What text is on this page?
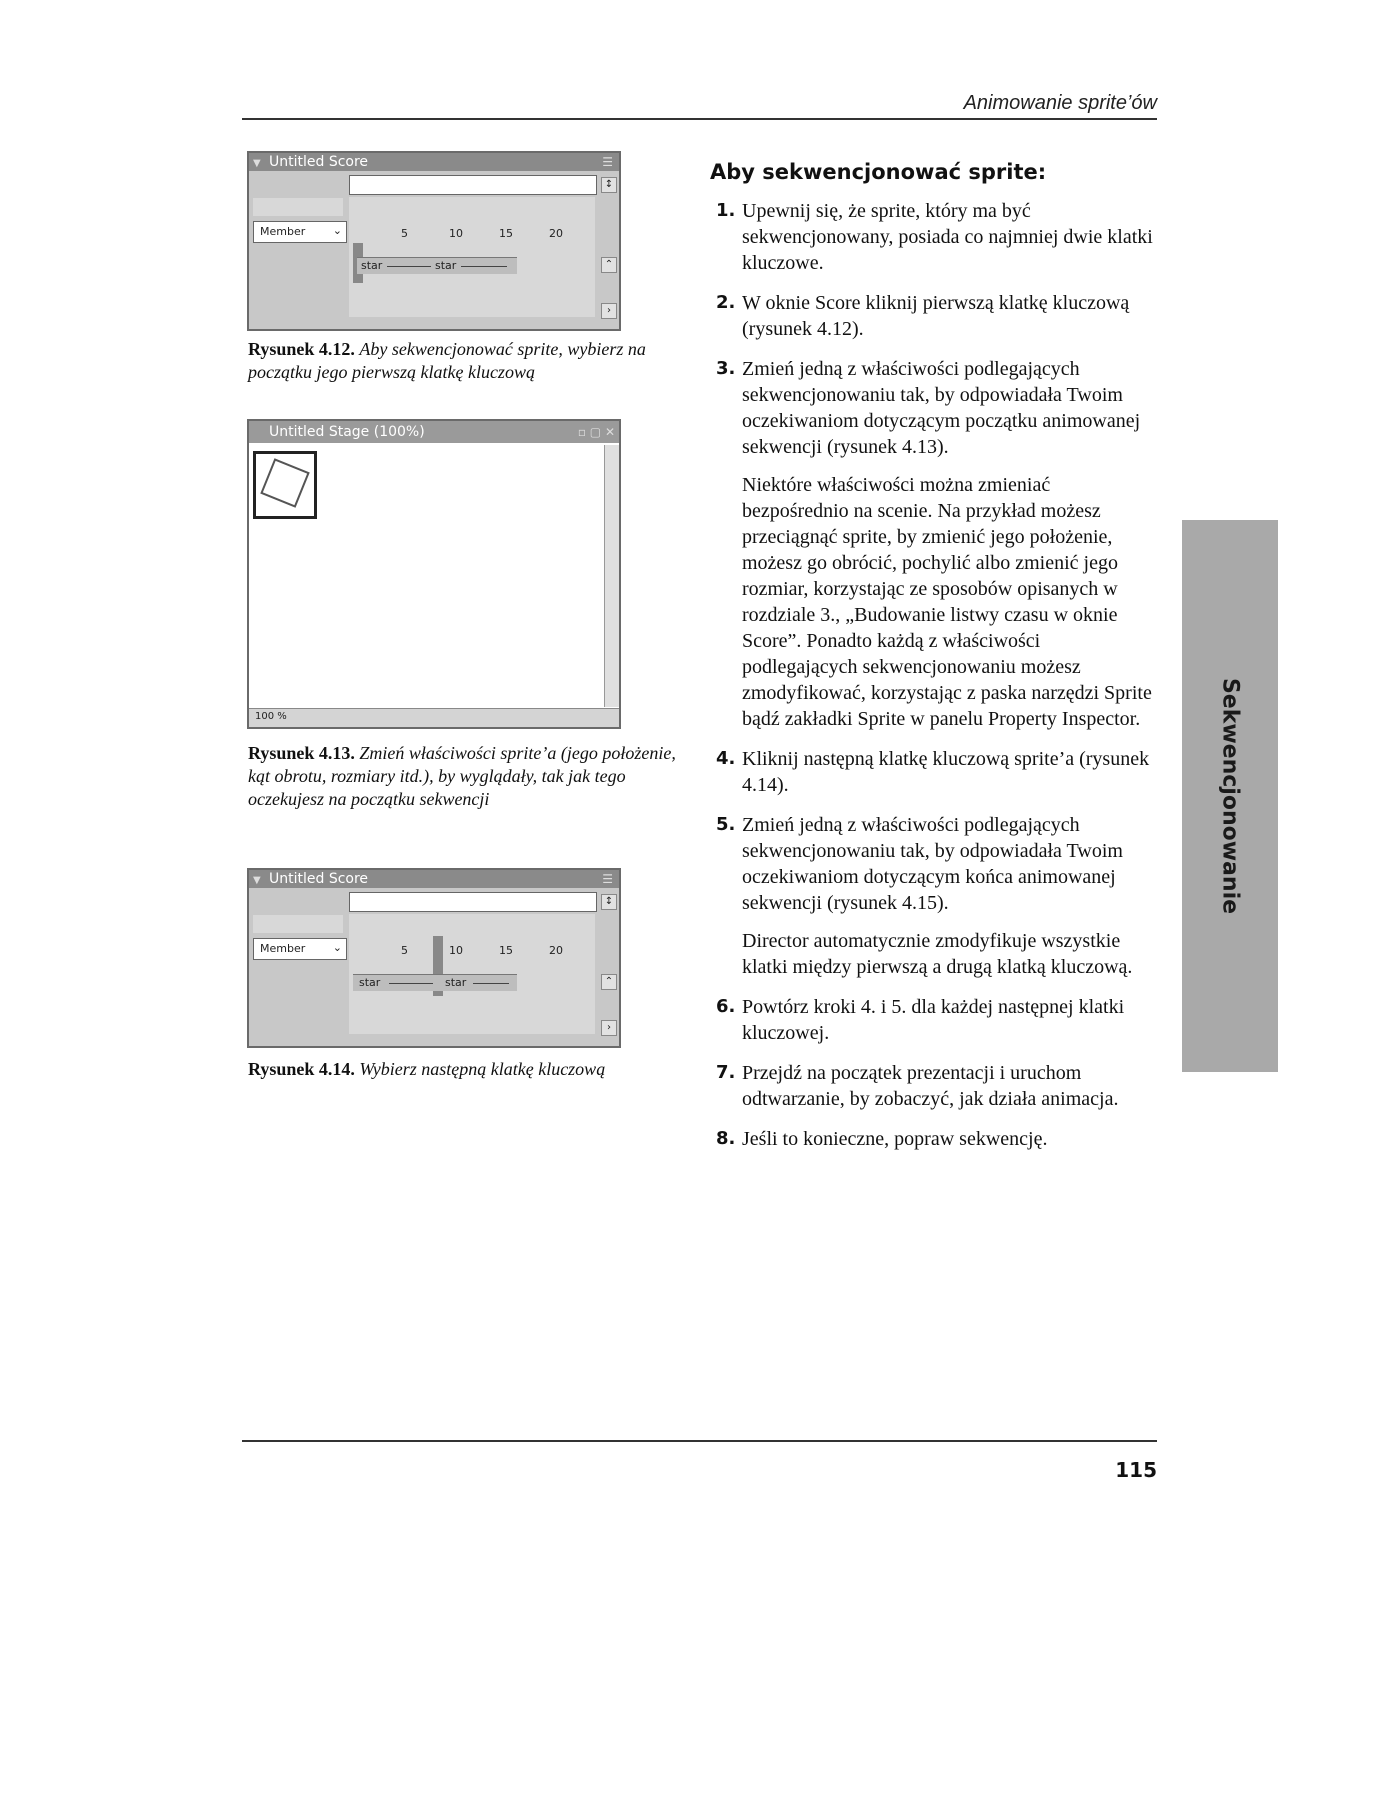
Animowanie sprite’ów
▼ Untitled Score	☰
Member	⌄	5	10	15	20
star	star
↕
⌃
›
Rysunek 4.12. Aby sekwencjonować sprite, wybierz na początku jego pierwszą klatkę kluczową
Untitled Stage (100%)	▫ ▢ ✕
100 %
Rysunek 4.13. Zmień właściwości sprite’a (jego położenie, kąt obrotu, rozmiary itd.), by wyglądały, tak jak tego oczekujesz na początku sekwencji
▼ Untitled Score	☰
Member	⌄	5	10	15	20
star	star
↕
⌃
›
Rysunek 4.14. Wybierz następną klatkę kluczową
Aby sekwencjonować sprite:
1. Upewnij się, że sprite, który ma być sekwencjonowany, posiada co najmniej dwie klatki kluczowe.
2. W oknie Score kliknij pierwszą klatkę kluczową (rysunek 4.12).
3. Zmień jedną z właściwości podlegających sekwencjonowaniu tak, by odpowiadała Twoim oczekiwaniom dotyczącym początku animowanej sekwencji (rysunek 4.13).
Niektóre właściwości można zmieniać bezpośrednio na scenie. Na przykład możesz przeciągnąć sprite, by zmienić jego położenie, możesz go obrócić, pochylić albo zmienić jego rozmiar, korzystając ze sposobów opisanych w rozdziale 3., „Budowanie listwy czasu w oknie Score”. Ponadto każdą z właściwości podlegających sekwencjonowaniu możesz zmodyfikować, korzystając z paska narzędzi Sprite bądź zakładki Sprite w panelu Property Inspector.
4. Kliknij następną klatkę kluczową sprite’a (rysunek 4.14).
5. Zmień jedną z właściwości podlegających sekwencjonowaniu tak, by odpowiadała Twoim oczekiwaniom dotyczącym końca animowanej sekwencji (rysunek 4.15).
Director automatycznie zmodyfikuje wszystkie klatki między pierwszą a drugą klatką kluczową.
6. Powtórz kroki 4. i 5. dla każdej następnej klatki kluczowej.
7. Przejdź na początek prezentacji i uruchom odtwarzanie, by zobaczyć, jak działa animacja.
8. Jeśli to konieczne, popraw sekwencję.
Sekwencjonowanie
115
